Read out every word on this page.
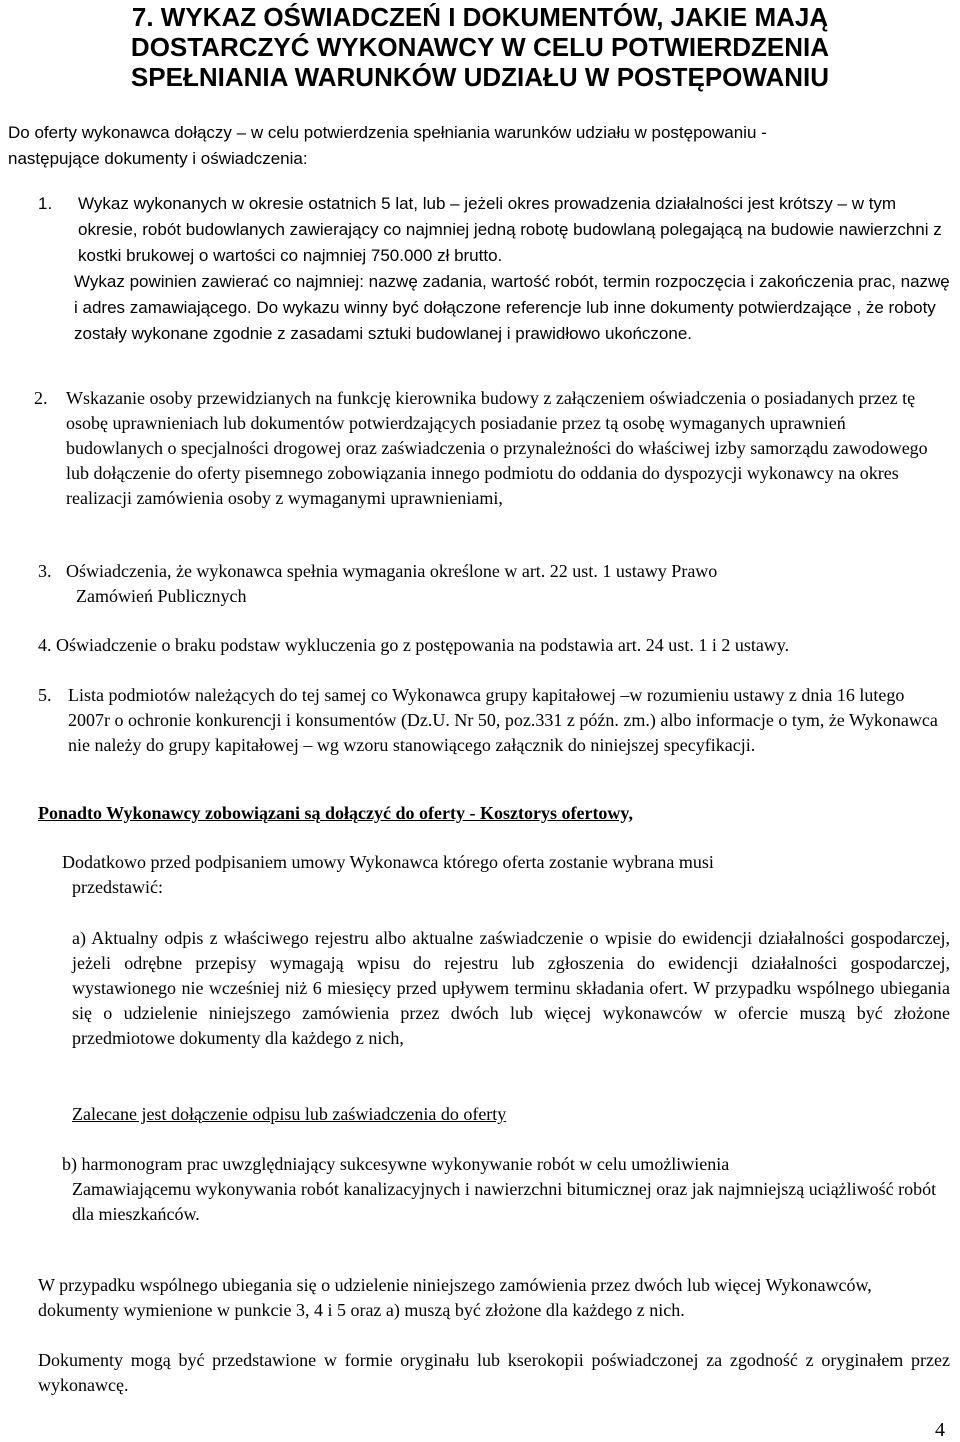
7. WYKAZ OŚWIADCZEŃ I DOKUMENTÓW, JAKIE MAJĄ
DOSTARCZYĆ WYKONAWCY W CELU POTWIERDZENIA
SPEŁNIANIA WARUNKÓW UDZIAŁU W POSTĘPOWANIU
Do oferty wykonawca dołączy – w celu potwierdzenia spełniania warunków udziału w postępowaniu -
następujące dokumenty i oświadczenia:
1. Wykaz wykonanych w okresie ostatnich 5 lat, lub – jeżeli okres prowadzenia działalności jest krótszy – w tym okresie, robót budowlanych zawierający co najmniej jedną robotę budowlaną polegającą na budowie nawierzchni z kostki brukowej o wartości co najmniej 750.000 zł brutto.
Wykaz powinien zawierać co najmniej: nazwę zadania, wartość robót, termin rozpoczęcia i zakończenia prac, nazwę i adres zamawiającego. Do wykazu winny być dołączone referencje lub inne dokumenty potwierdzające , że roboty zostały wykonane zgodnie z zasadami sztuki budowlanej i prawidłowo ukończone.
2. Wskazanie osoby przewidzianych na funkcję kierownika budowy z załączeniem oświadczenia o posiadanych przez tę osobę uprawnieniach lub dokumentów potwierdzających posiadanie przez tą osobę wymaganych uprawnień budowlanych o specjalności drogowej oraz zaświadczenia o przynależności do właściwej izby samorządu zawodowego lub dołączenie do oferty pisemnego zobowiązania innego podmiotu do oddania do dyspozycji wykonawcy na okres realizacji zamówienia osoby z wymaganymi uprawnieniami,
3. Oświadczenia, że wykonawca spełnia wymagania określone w art. 22 ust. 1 ustawy Prawo
Zamówień Publicznych
4. Oświadczenie o braku podstaw wykluczenia go z postępowania na podstawia art. 24 ust. 1 i 2 ustawy.
5. Lista podmiotów należących do tej samej co Wykonawca grupy kapitałowej –w rozumieniu ustawy z dnia 16 lutego 2007r o ochronie konkurencji i konsumentów (Dz.U. Nr 50, poz.331 z późn. zm.) albo informacje o tym, że Wykonawca nie należy do grupy kapitałowej – wg wzoru stanowiącego załącznik do niniejszej specyfikacji.
Ponadto Wykonawcy zobowiązani są dołączyć do oferty - Kosztorys ofertowy,
Dodatkowo przed podpisaniem umowy Wykonawca którego oferta zostanie wybrana musi
przedstawić:
a) Aktualny odpis z właściwego rejestru albo aktualne zaświadczenie o wpisie do ewidencji działalności gospodarczej, jeżeli odrębne przepisy wymagają wpisu do rejestru lub zgłoszenia do ewidencji działalności gospodarczej, wystawionego nie wcześniej niż 6 miesięcy przed upływem terminu składania ofert. W przypadku wspólnego ubiegania się o udzielenie niniejszego zamówienia przez dwóch lub więcej wykonawców w ofercie muszą być złożone przedmiotowe dokumenty dla każdego z nich,
Zalecane jest dołączenie odpisu lub zaświadczenia do oferty
b) harmonogram prac uwzględniający sukcesywne wykonywanie robót w celu umożliwienia
Zamawiającemu wykonywania robót kanalizacyjnych i nawierzchni bitumicznej oraz jak najmniejszą uciążliwość robót dla mieszkańców.
W przypadku wspólnego ubiegania się o udzielenie niniejszego zamówienia przez dwóch lub więcej Wykonawców, dokumenty wymienione w punkcie 3, 4 i 5 oraz a) muszą być złożone dla każdego z nich.
Dokumenty mogą być przedstawione w formie oryginału lub kserokopii poświadczonej za zgodność z oryginałem przez wykonawcę.
4
